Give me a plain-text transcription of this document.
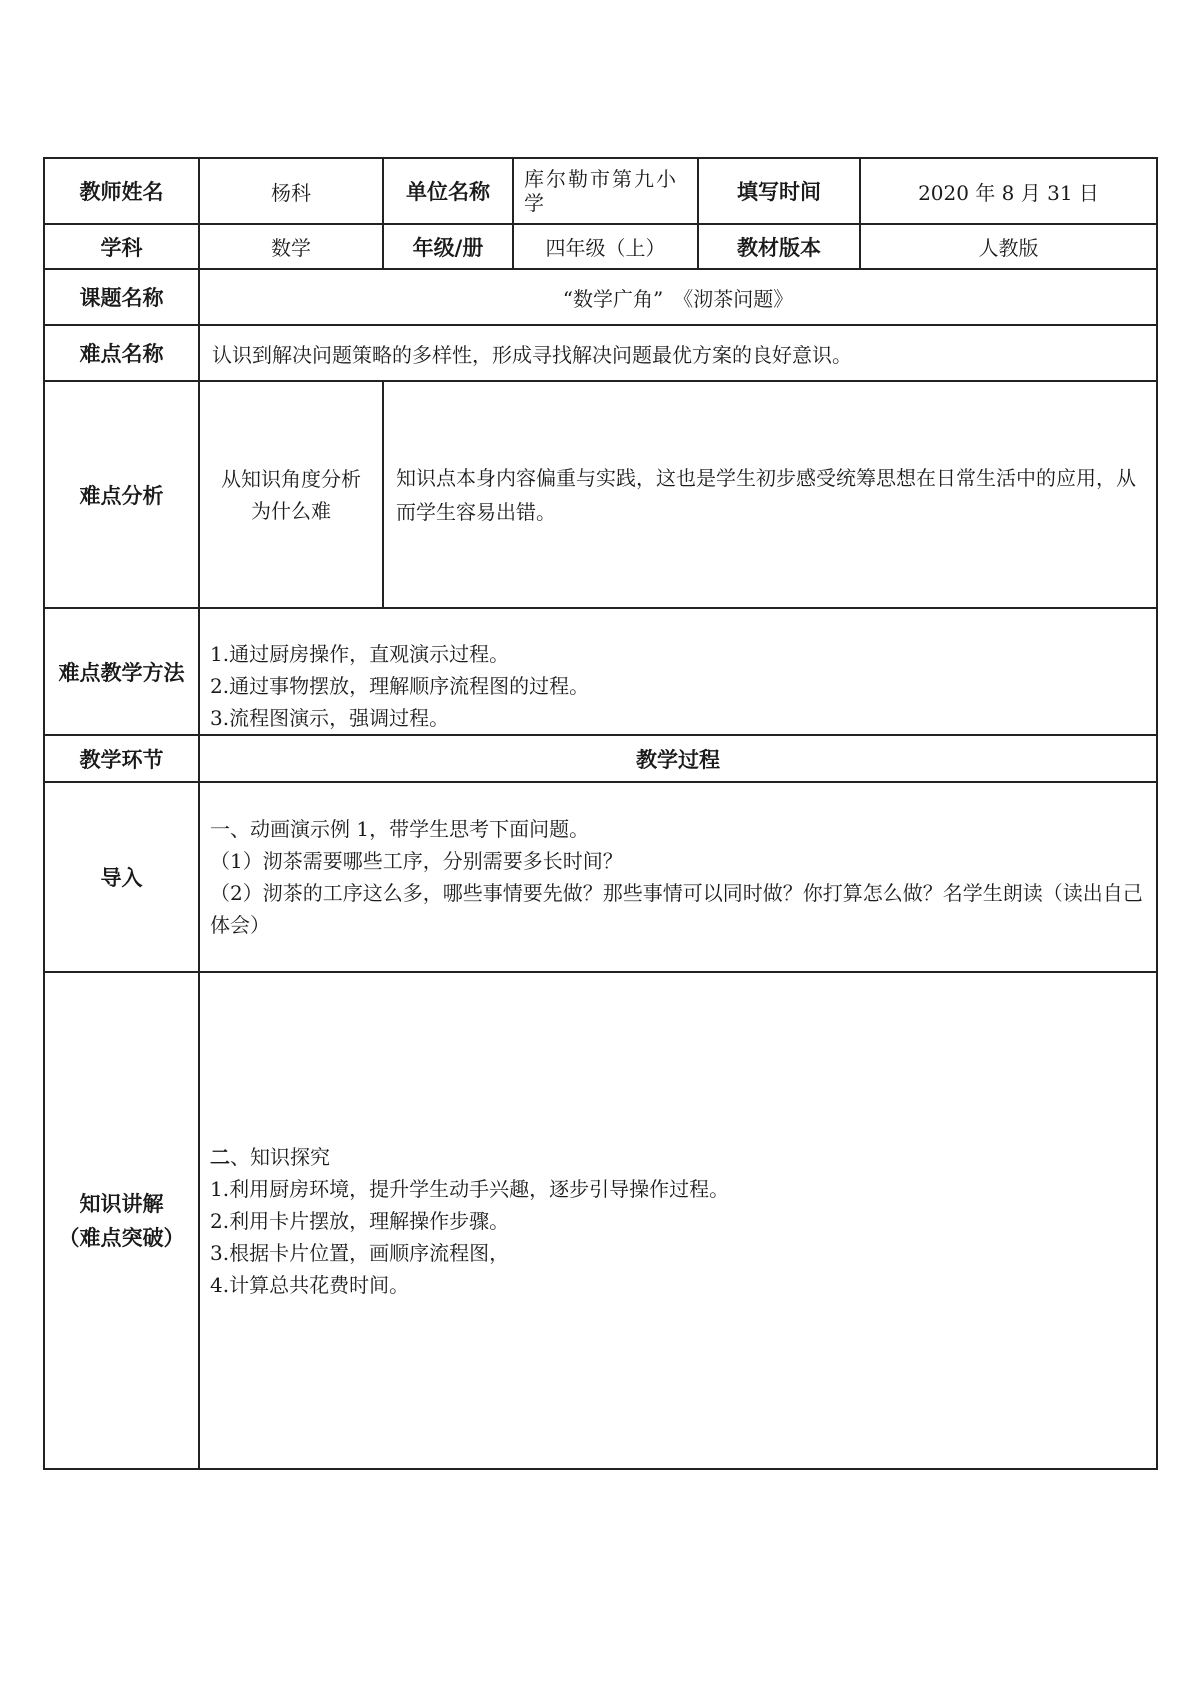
教师姓名	杨科	单位名称	库尔勒市第九小学	填写时间	2020 年 8 月 31 日
学科	数学	年级/册	四年级（上）	教材版本	人教版
课题名称	“数学广角”　《沏茶问题》				
难点名称	认识到解决问题策略的多样性，形成寻找解决问题最优方案的良好意识。				
难点分析	从知识角度分析为什么难	知识点本身内容偏重与实践，这也是学生初步感受统筹思想在日常生活中的应用，从而学生容易出错。			
难点教学方法	1.通过厨房操作，直观演示过程。
2.通过事物摆放，理解顺序流程图的过程。
3.流程图演示，强调过程。				

教学环节	教学过程				
导入	一、动画演示例 1，带学生思考下面问题。
（1）沏茶需要哪些工序，分别需要多长时间？
（2）沏茶的工序这么多，哪些事情要先做？那些事情可以同时做？你打算怎么做？名学生朗读（读出自己体会）				

知识讲解
（难点突破）	二、知识探究
1.利用厨房环境，提升学生动手兴趣，逐步引导操作过程。
2.利用卡片摆放，理解操作步骤。
3.根据卡片位置，画顺序流程图，
4.计算总共花费时间。				
